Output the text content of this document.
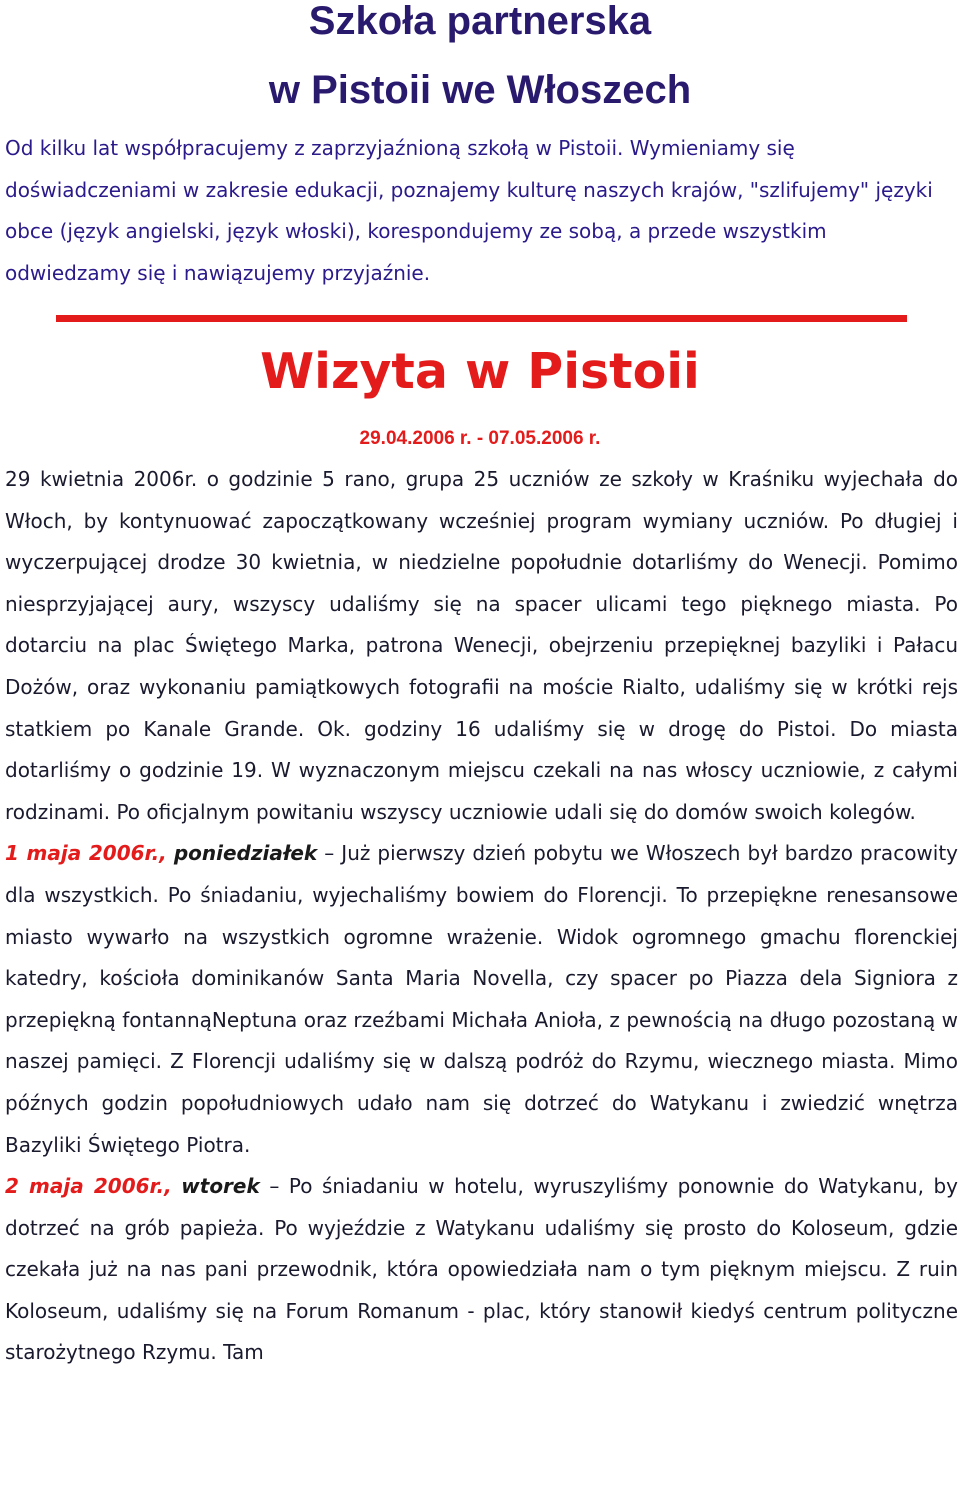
Szkoła partnerska
w Pistoii we Włoszech

Od kilku lat współpracujemy z zaprzyjaźnioną szkołą w Pistoii. Wymieniamy się doświadczeniami w zakresie edukacji, poznajemy kulturę naszych krajów, "szlifujemy" języki obce (język angielski, język włoski), korespondujemy ze sobą, a przede wszystkim odwiedzamy się i nawiązujemy przyjaźnie.

Wizyta w Pistoii
29.04.2006 r. - 07.05.2006 r.

29 kwietnia 2006r. o godzinie 5 rano, grupa 25 uczniów ze szkoły w Kraśniku wyjechała do Włoch, by kontynuować zapoczątkowany wcześniej program wymiany uczniów. Po długiej i wyczerpującej drodze 30 kwietnia, w niedzielne popołudnie dotarliśmy do Wenecji. Pomimo niesprzyjającej aury, wszyscy udaliśmy się na spacer ulicami tego pięknego miasta. Po dotarciu na plac Świętego Marka, patrona Wenecji, obejrzeniu przepięknej bazyliki i Pałacu Dożów, oraz wykonaniu pamiątkowych fotografii na moście Rialto, udaliśmy się w krótki rejs statkiem po Kanale Grande. Ok. godziny 16 udaliśmy się w drogę do Pistoi. Do miasta dotarliśmy o godzinie 19. W wyznaczonym miejscu czekali na nas włoscy uczniowie, z całymi rodzinami. Po oficjalnym powitaniu wszyscy uczniowie udali się do domów swoich kolegów.

1 maja 2006r., poniedziałek – Już pierwszy dzień pobytu we Włoszech był bardzo pracowity dla wszystkich. Po śniadaniu, wyjechaliśmy bowiem do Florencji. To przepiękne renesansowe miasto wywarło na wszystkich ogromne wrażenie. Widok ogromnego gmachu florenckiej katedry, kościoła dominikanów Santa Maria Novella, czy spacer po Piazza dela Signiora z przepiękną fontannąNeptuna oraz rzeźbami Michała Anioła, z pewnością na długo pozostaną w naszej pamięci. Z Florencji udaliśmy się w dalszą podróż do Rzymu, wiecznego miasta. Mimo późnych godzin popołudniowych udało nam się dotrzeć do Watykanu i zwiedzić wnętrza Bazyliki Świętego Piotra.

2 maja 2006r., wtorek – Po śniadaniu w hotelu, wyruszyliśmy ponownie do Watykanu, by dotrzeć na grób papieża. Po wyjeździe z Watykanu udaliśmy się prosto do Koloseum, gdzie czekała już na nas pani przewodnik, która opowiedziała nam o tym pięknym miejscu. Z ruin Koloseum, udaliśmy się na Forum Romanum - plac, który stanowił kiedyś centrum polityczne starożytnego Rzymu. Tam
